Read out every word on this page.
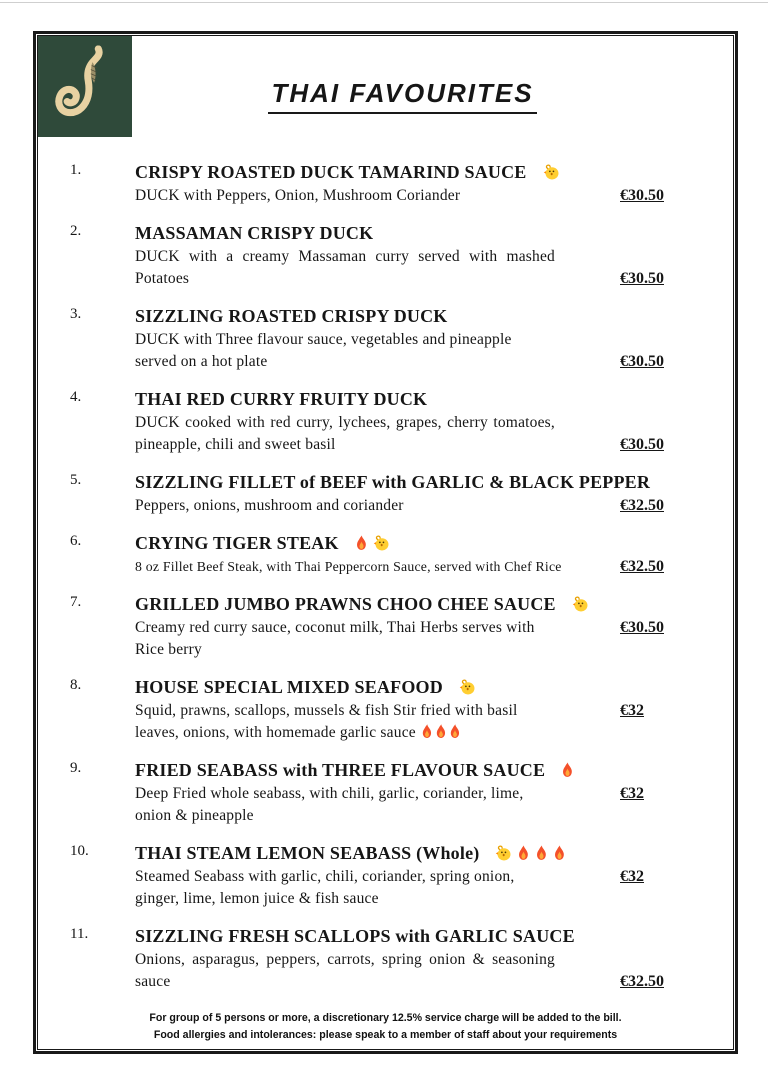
THAI FAVOURITES
1.	CRISPY ROASTED DUCK TAMARIND SAUCE
DUCK with Peppers, Onion, Mushroom Coriander	€30.50
2.	MASSAMAN CRISPY DUCK
DUCK with a creamy Massaman curry served with mashed Potatoes	€30.50
3.	SIZZLING ROASTED CRISPY DUCK
DUCK with Three flavour sauce, vegetables and pineapple served on a hot plate	€30.50
4.	THAI RED CURRY FRUITY DUCK
DUCK cooked with red curry, lychees, grapes, cherry tomatoes, pineapple, chili and sweet basil	€30.50
5.	SIZZLING FILLET of BEEF with GARLIC & BLACK PEPPER
Peppers, onions, mushroom and coriander	€32.50
6.	CRYING TIGER STEAK
8 oz Fillet Beef Steak, with Thai Peppercorn Sauce, served with Chef Rice	€32.50
7.	GRILLED JUMBO PRAWNS CHOO CHEE SAUCE
Creamy red curry sauce, coconut milk, Thai Herbs serves with Rice berry
€30.50
8.	HOUSE SPECIAL MIXED SEAFOOD
Squid, prawns, scallops, mussels & fish Stir fried with basil leaves, onions, with homemade garlic sauce
€32
9.	FRIED SEABASS with THREE FLAVOUR SAUCE
Deep Fried whole seabass, with chili, garlic, coriander, lime, onion & pineapple
€32
10.	THAI STEAM LEMON SEABASS (Whole)
Steamed Seabass with garlic, chili, coriander, spring onion, ginger, lime, lemon juice & fish sauce
€32
11.	SIZZLING FRESH SCALLOPS with GARLIC SAUCE
Onions, asparagus, peppers, carrots, spring onion & seasoning sauce	€32.50

For group of 5 persons or more, a discretionary 12.5% service charge will be added to the bill.

Food allergies and intolerances: please speak to a member of staff about your requirements
